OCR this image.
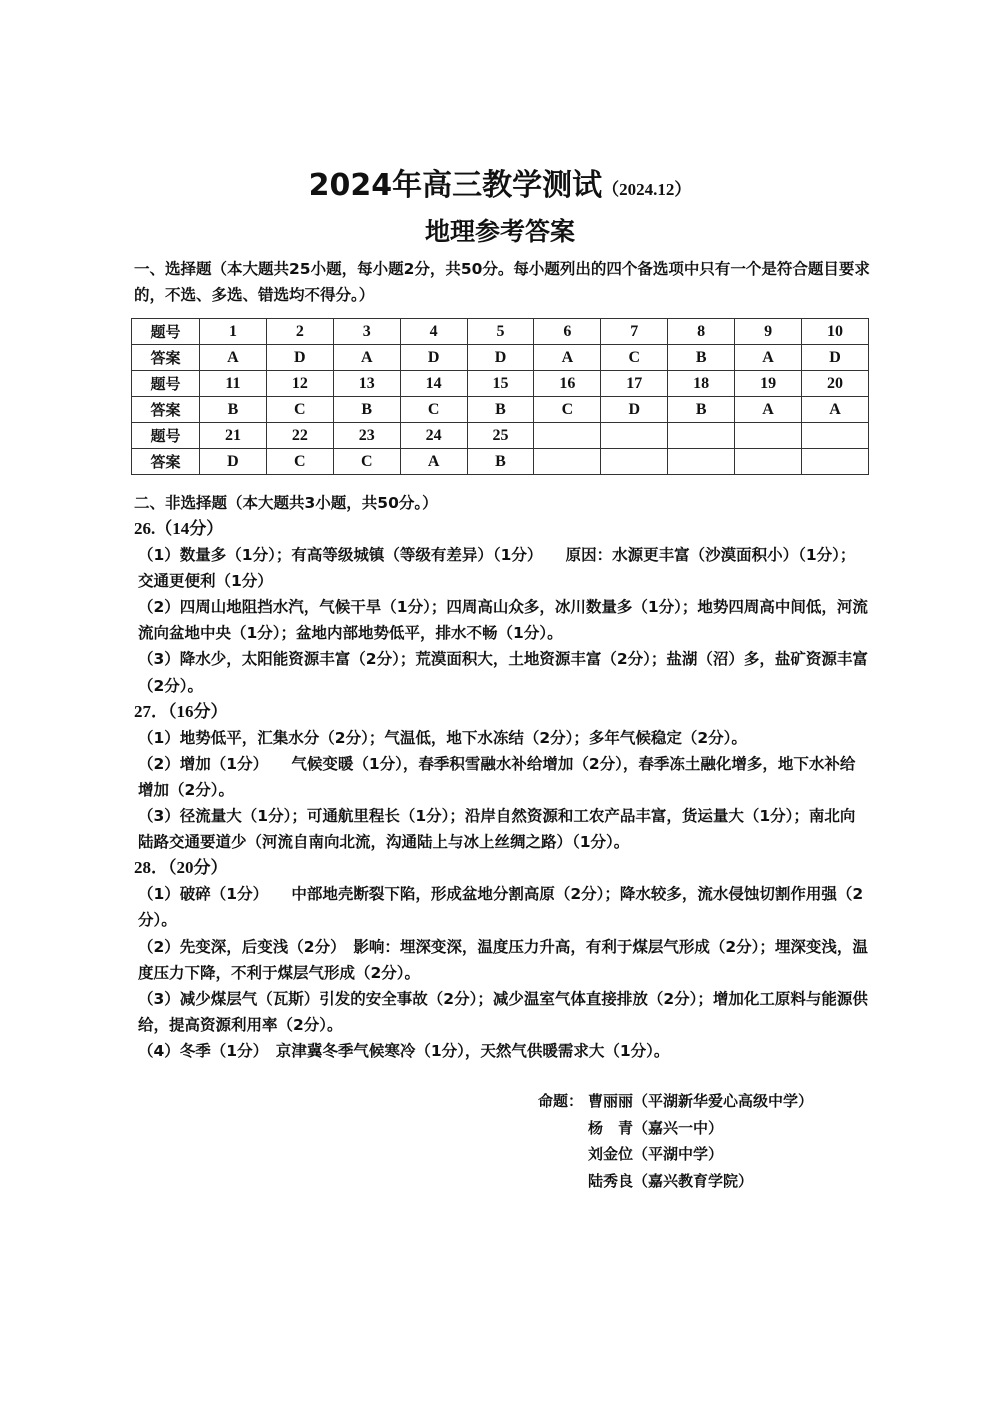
2024年高三教学测试（2024.12）
地理参考答案
一、选择题（本大题共25小题，每小题2分，共50分。每小题列出的四个备选项中只有一个是符合题目要求的，不选、多选、错选均不得分。）
题号	1	2	3	4	5	6	7	8	9	10
答案	A	D	A	D	D	A	C	B	A	D
题号	11	12	13	14	15	16	17	18	19	20
答案	B	C	B	C	B	C	D	B	A	A
题号	21	22	23	24	25					
答案	D	C	C	A	B					
二、非选择题（本大题共3小题，共50分。）

26.（14分）

（1）数量多（1分）；有高等级城镇（等级有差异）（1分）　　原因：水源更丰富（沙漠面积小）（1分）；交通更便利（1分）

（2）四周山地阻挡水汽，气候干旱（1分）；四周高山众多，冰川数量多（1分）；地势四周高中间低，河流流向盆地中央（1分）；盆地内部地势低平，排水不畅（1分）。

（3）降水少，太阳能资源丰富（2分）；荒漠面积大，土地资源丰富（2分）；盐湖（沼）多，盐矿资源丰富（2分）。

27．（16分）

（1）地势低平，汇集水分（2分）；气温低，地下水冻结（2分）；多年气候稳定（2分）。

（2）增加（1分）　　气候变暖（1分），春季积雪融水补给增加（2分），春季冻土融化增多，地下水补给增加（2分）。

（3）径流量大（1分）；可通航里程长（1分）；沿岸自然资源和工农产品丰富，货运量大（1分）；南北向陆路交通要道少（河流自南向北流，沟通陆上与冰上丝绸之路）（1分）。

28．（20分）

（1）破碎（1分）　　中部地壳断裂下陷，形成盆地分割高原（2分）；降水较多，流水侵蚀切割作用强（2分）。

（2）先变深，后变浅（2分）　影响：埋深变深，温度压力升高，有利于煤层气形成（2分）；埋深变浅，温度压力下降，不利于煤层气形成（2分）。

（3）减少煤层气（瓦斯）引发的安全事故（2分）；减少温室气体直接排放（2分）；增加化工原料与能源供给，提高资源利用率（2分）。

（4）冬季（1分）　京津冀冬季气候寒冷（1分），天然气供暖需求大（1分）。

命题： 曹丽丽（平湖新华爱心高级中学）
杨　青（嘉兴一中）
刘金位（平湖中学）
陆秀良（嘉兴教育学院）
